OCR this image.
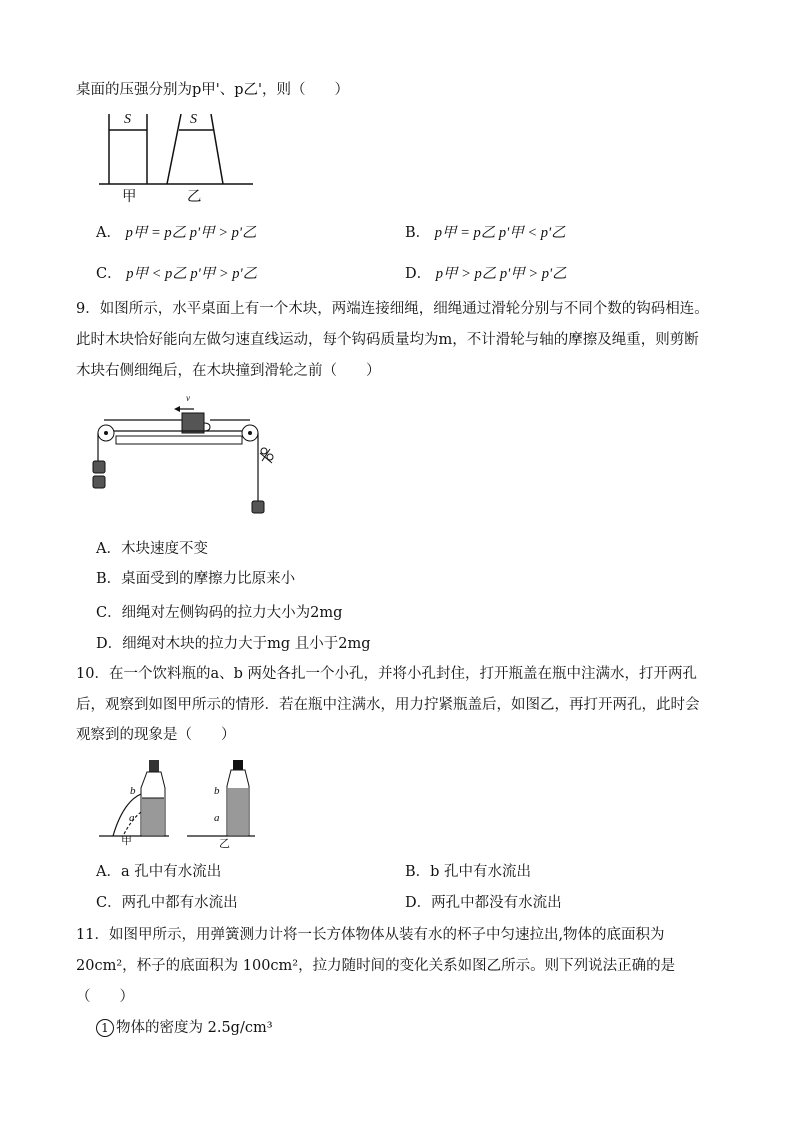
桌面的压强分别为p甲'、p乙'，则（　　）
S	S
甲	乙
A． p甲 = p乙 p'甲 > p'乙	B． p甲 = p乙 p'甲 < p'乙
C． p甲 < p乙 p'甲 > p'乙	D． p甲 > p乙 p'甲 > p'乙
9．如图所示，水平桌面上有一个木块，两端连接细绳，细绳通过滑轮分别与不同个数的钩码相连。
此时木块恰好能向左做匀速直线运动，每个钩码质量均为m，不计滑轮与轴的摩擦及绳重，则剪断
木块右侧细绳后，在木块撞到滑轮之前（　　）
v
A．木块速度不变
B．桌面受到的摩擦力比原来小
C．细绳对左侧钩码的拉力大小为2mg
D．细绳对木块的拉力大于mg 且小于2mg
10．在一个饮料瓶的a、b 两处各扎一个小孔，并将小孔封住，打开瓶盖在瓶中注满水，打开两孔
后，观察到如图甲所示的情形．若在瓶中注满水，用力拧紧瓶盖后，如图乙，再打开两孔，此时会
观察到的现象是（　　）
b
a
甲
b
a
乙
A．a 孔中有水流出	B．b 孔中有水流出
C．两孔中都有水流出	D．两孔中都没有水流出
11．如图甲所示，用弹簧测力计将一长方体物体从装有水的杯子中匀速拉出,物体的底面积为
20cm²，杯子的底面积为 100cm²，拉力随时间的变化关系如图乙所示。则下列说法正确的是
（　　）
1 物体的密度为 2.5g/cm³
